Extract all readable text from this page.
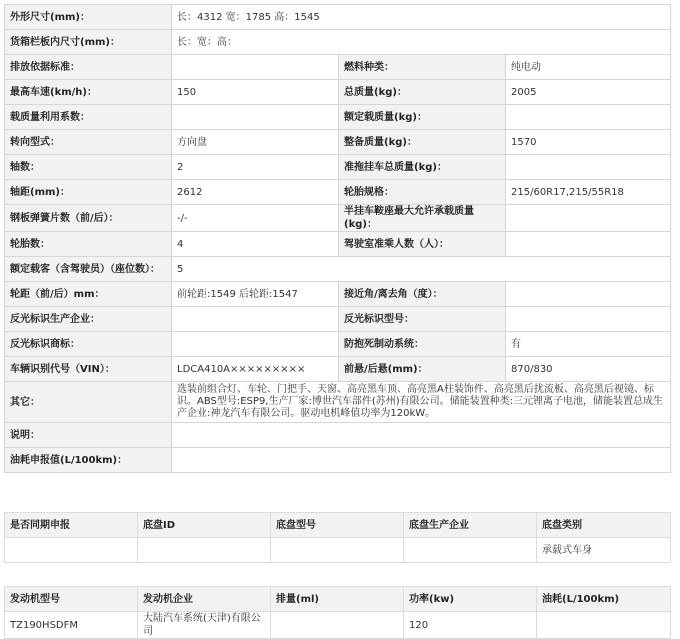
外形尺寸(mm)：	长：4312 宽：1785 高：1545		
货箱栏板内尺寸(mm)：	长：宽：高：		
排放依据标准：		燃料种类：	纯电动
最高车速(km/h)：	150	总质量(kg)：	2005
载质量利用系数：		额定载质量(kg)：	
转向型式：	方向盘	整备质量(kg)：	1570
轴数：	2	准拖挂车总质量(kg)：	
轴距(mm)：	2612	轮胎规格：	215/60R17,215/55R18
钢板弹簧片数（前/后）：	-/-	半挂车鞍座最大允许承载质量(kg)：	
轮胎数：	4	驾驶室准乘人数（人）：	
额定载客（含驾驶员）（座位数）：	5		
轮距（前/后）mm：	前轮距:1549 后轮距:1547	接近角/离去角（度）：	
反光标识生产企业：		反光标识型号：	
反光标识商标：		防抱死制动系统：	有
车辆识别代号（VIN）：	LDCA410A×××××××××	前悬/后悬(mm)：	870/830
其它：	选装前组合灯、车轮、门把手、天窗、高亮黑车顶、高亮黑A柱装饰件、高亮黑后扰流板、高亮黑后视镜、标识。ABS型号:ESP9,生产厂家:博世汽车部件(苏州)有限公司。储能装置种类:三元锂离子电池，储能装置总成生产企业:神龙汽车有限公司。驱动电机峰值功率为120kW。		
说明：			
油耗申报值(L/100km)：			
是否同期申报	底盘ID	底盘型号	底盘生产企业	底盘类别
				承载式车身
发动机型号	发动机企业	排量(ml)	功率(kw)	油耗(L/100km)
TZ190HSDFM	大陆汽车系统(天津)有限公司		120	
